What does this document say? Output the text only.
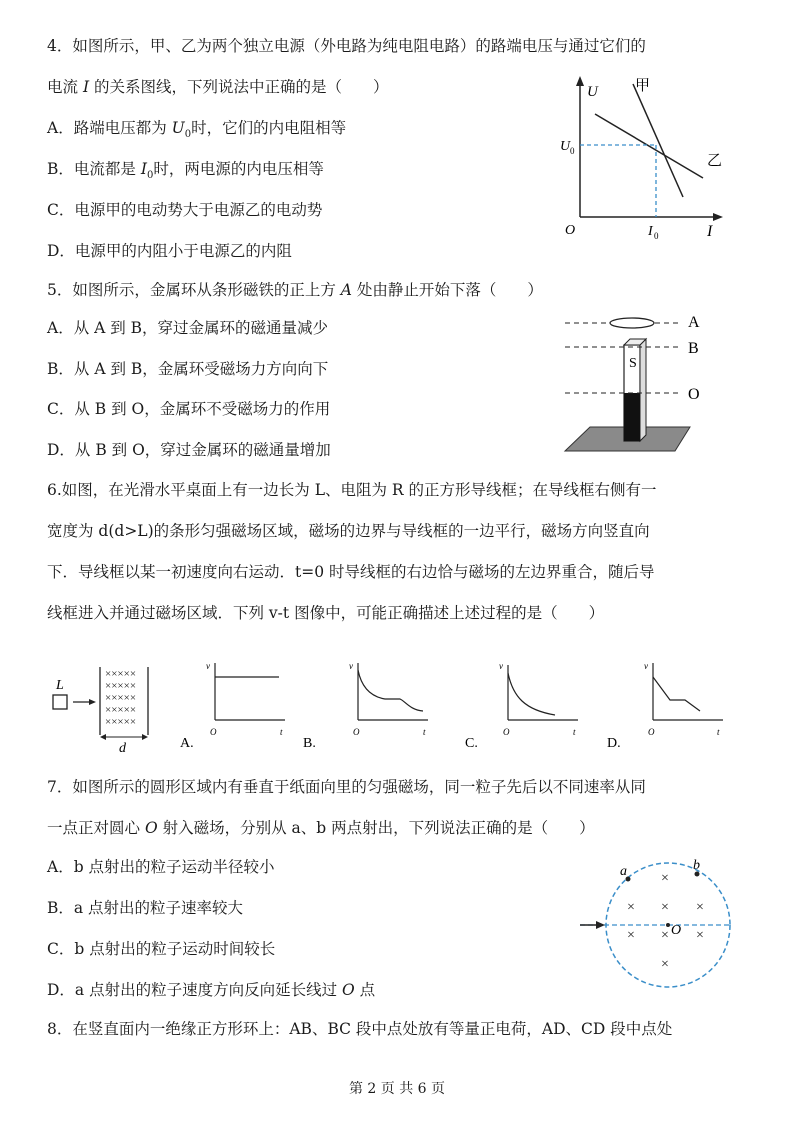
4．如图所示，甲、乙为两个独立电源（外电路为纯电阻电路）的路端电压与通过它们的
电流 I 的关系图线，下列说法中正确的是（　　）
A．路端电压都为 $U_0$时，它们的内电阻相等
B．电流都是 $I_0$时，两电源的内电压相等
C．电源甲的电动势大于电源乙的电动势
D．电源甲的内阻小于电源乙的内阻
U 甲
U 0
乙
O	I 0	I
5．如图所示，金属环从条形磁铁的正上方 A 处由静止开始下落（　　）
A．从 A 到 B，穿过金属环的磁通量减少
B．从 A 到 B，金属环受磁场力方向向下
C．从 B 到 O，金属环不受磁场力的作用
D．从 B 到 O，穿过金属环的磁通量增加
S
A
B
O
6.如图，在光滑水平桌面上有一边长为 L、电阻为 R 的正方形导线框；在导线框右侧有一
宽度为 d(d>L)的条形匀强磁场区域，磁场的边界与导线框的一边平行，磁场方向竖直向
下．导线框以某一初速度向右运动．t=0 时导线框的右边恰与磁场的左边界重合，随后导
线框进入并通过磁场区域．下列 v-t 图像中，可能正确描述上述过程的是（　　）
L
×××××
×××××
×××××
×××××
×××××
d
v
O	t
A.
v
O	t
B.
v
O	t
C.
v
O	t
D.
7．如图所示的圆形区域内有垂直于纸面向里的匀强磁场，同一粒子先后以不同速率从同
一点正对圆心 O 射入磁场，分别从 a、b 两点射出，下列说法正确的是（　　）
A．b 点射出的粒子运动半径较小
B．a 点射出的粒子速率较大
C．b 点射出的粒子运动时间较长
D．a 点射出的粒子速度方向反向延长线过 O 点
×
× × ×
× × ×
×
a	b
O
8．在竖直面内一绝缘正方形环上：AB、BC 段中点处放有等量正电荷，AD、CD 段中点处
第 2 页 共 6 页
